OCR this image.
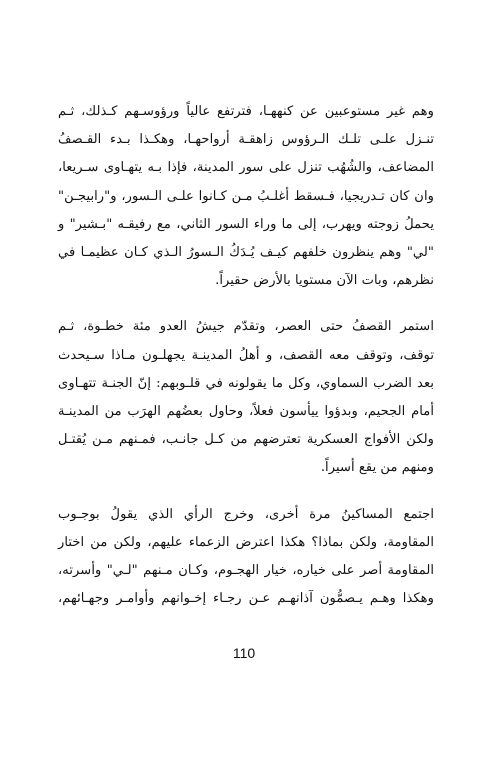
وهم غير مستوعبين عن كنههـا، فترتفع عالياً ورؤوسـهم كـذلك، ثـم
تنـزل علـى تلـك الـرؤوس زاهقـة أرواحهـا، وهكـذا بـدء القـصفُ
المضاعف، والشُهُب تنزل على سور المدينة، فإذا بـه يتهـاوى سـريعا،
وان كان تـدريجيا، فـسقط أغلـبُ مـن كـانوا علـى الـسور، و"رابيجـن"
يحملُ زوجته ويهرب، إلى ما وراء السور الثاني، مع رفيقـه "بـشير" و
"لي" وهم ينظرون خلفهم كيـف يُـدَكُ الـسورُ الـذي كـان عظيمـا في
نظرهم، وبات الآن مستويا بالأرض حقيراً.
استمر القصفُ حتى العصر، وتقدّم جيشُ العدو مئة خطـوة، ثـم
توقف، وتوقف معه القصف، و أهلُ المدينـة يجهلـون مـاذا سـيحدث
بعد الضرب السماوي، وكل ما يقولونه في قلـوبهم: إنّ الجنـة تتهـاوى
أمام الجحيم، وبدؤوا ييأسون فعلاً، وحاول بعضُهم الهرَب من المدينـة
ولكن الأفواج العسكرية تعترضهم من كـل جانـب، فمـنهم مـن يُقتـل
ومنهم من يقع أسيراً.
اجتمع المساكينُ مرة أخرى، وخرج الرأي الذي يقولُ بوجـوب
المقاومة، ولكن بماذا؟ هكذا اعترض الزعماء عليهم، ولكن من اختار
المقاومة أصر على خياره، خيار الهجـوم، وكـان مـنهم "لـي" وأسرته،
وهكذا وهـم يـصمُّون آذانهـم عـن رجـاء إخـوانهم وأوامـر وجهـائهم،
110
